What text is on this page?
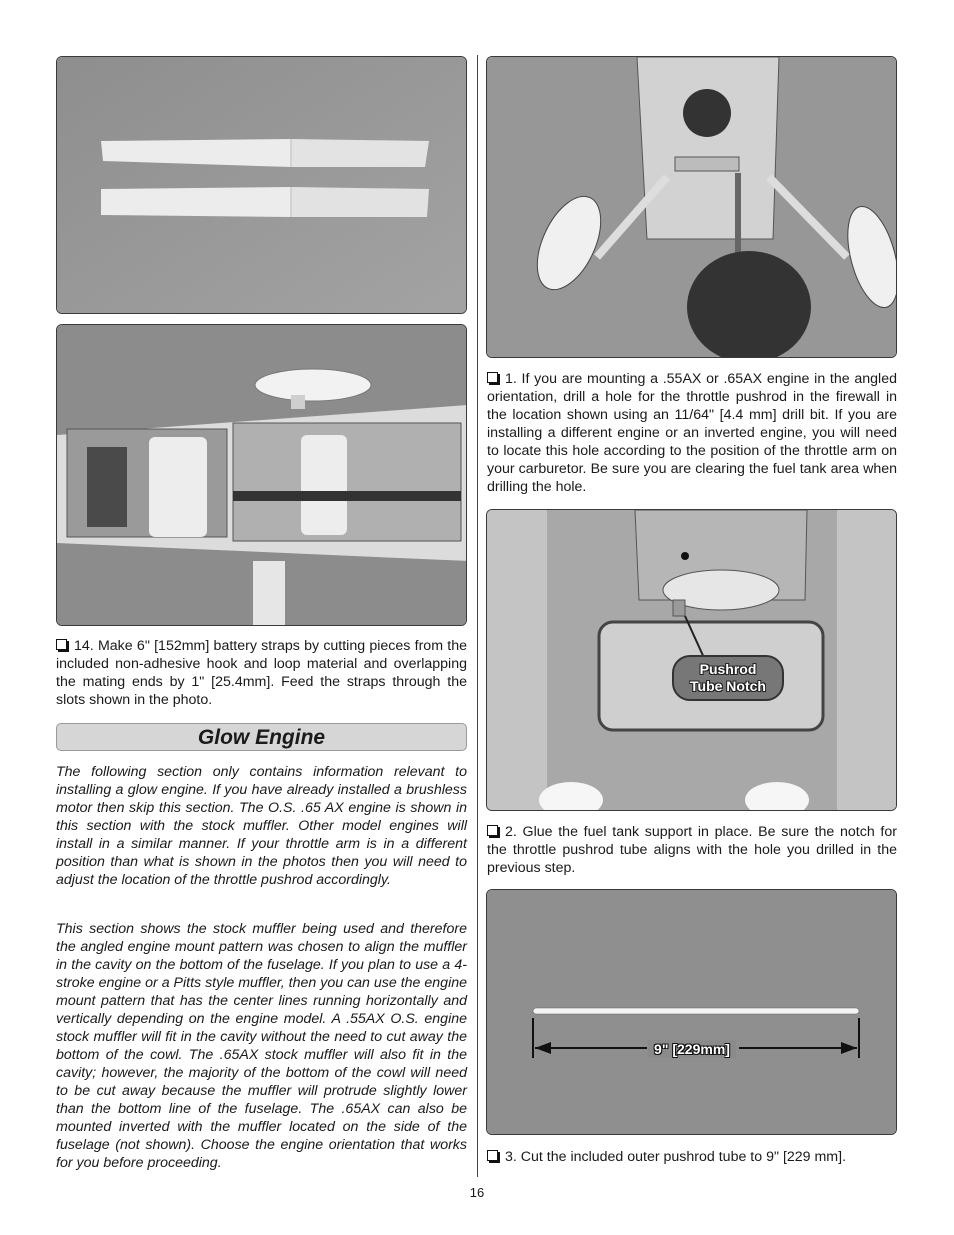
14. Make 6" [152mm] battery straps by cutting pieces from the included non-adhesive hook and loop material and overlapping the mating ends by 1" [25.4mm]. Feed the straps through the slots shown in the photo.

Glow Engine

The following section only contains information relevant to installing a glow engine. If you have already installed a brushless motor then skip this section. The O.S. .65 AX engine is shown in this section with the stock muffler. Other model engines will install in a similar manner. If your throttle arm is in a different position than what is shown in the photos then you will need to adjust the location of the throttle pushrod accordingly.

This section shows the stock muffler being used and therefore the angled engine mount pattern was chosen to align the muffler in the cavity on the bottom of the fuselage. If you plan to use a 4-stroke engine or a Pitts style muffler, then you can use the engine mount pattern that has the center lines running horizontally and vertically depending on the engine model. A .55AX O.S. engine stock muffler will fit in the cavity without the need to cut away the bottom of the cowl. The .65AX stock muffler will also fit in the cavity; however, the majority of the bottom of the cowl will need to be cut away because the muffler will protrude slightly lower than the bottom line of the fuselage. The .65AX can also be mounted inverted with the muffler located on the side of the fuselage (not shown). Choose the engine orientation that works for you before proceeding.

1. If you are mounting a .55AX or .65AX engine in the angled orientation, drill a hole for the throttle pushrod in the firewall in the location shown using an 11/64" [4.4 mm] drill bit. If you are installing a different engine or an inverted engine, you will need to locate this hole according to the position of the throttle arm on your carburetor. Be sure you are clearing the fuel tank area when drilling the hole.

Pushrod
Tube Notch

2. Glue the fuel tank support in place. Be sure the notch for the throttle pushrod tube aligns with the hole you drilled in the previous step.

9" [229mm]

3. Cut the included outer pushrod tube to 9" [229 mm].

16
